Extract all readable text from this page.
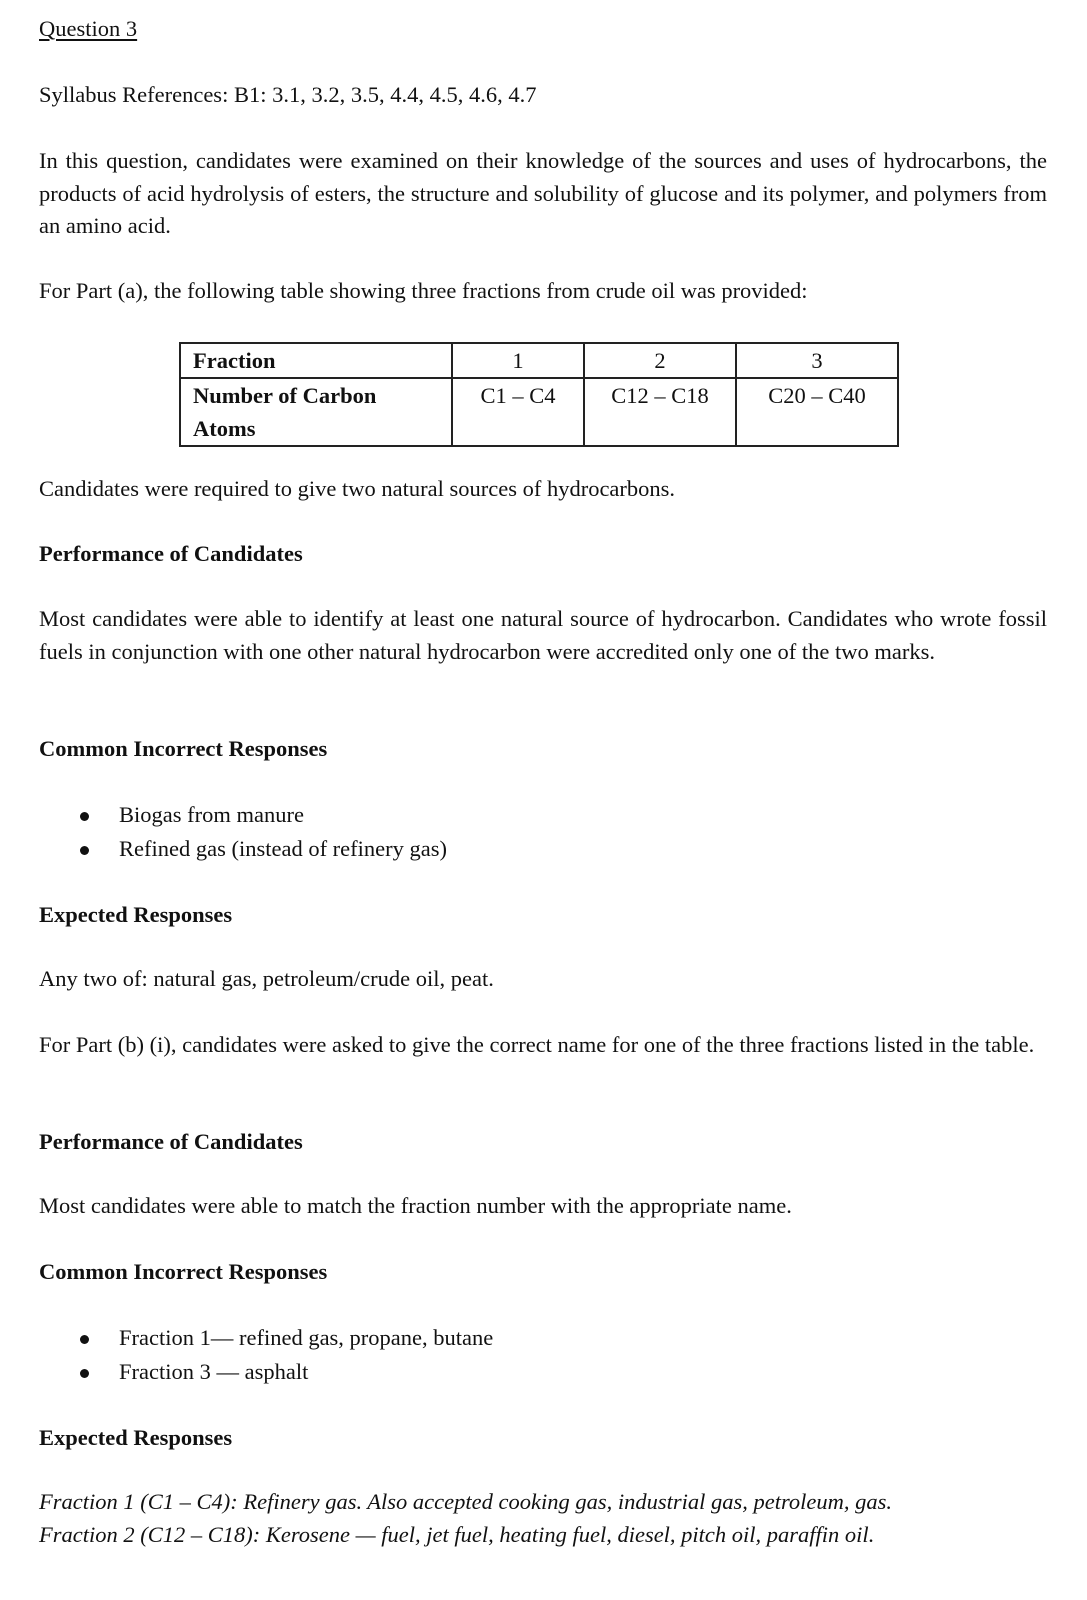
Question 3
Syllabus References: B1: 3.1, 3.2, 3.5, 4.4, 4.5, 4.6, 4.7
In this question, candidates were examined on their knowledge of the sources and uses of hydrocarbons, the products of acid hydrolysis of esters, the structure and solubility of glucose and its polymer, and polymers from an amino acid.
For Part (a), the following table showing three fractions from crude oil was provided:
Fraction	1	2	3
Number of Carbon Atoms	C1 – C4	C12 – C18	C20 – C40
Candidates were required to give two natural sources of hydrocarbons.
Performance of Candidates
Most candidates were able to identify at least one natural source of hydrocarbon. Candidates who wrote fossil fuels in conjunction with one other natural hydrocarbon were accredited only one of the two marks.
Common Incorrect Responses
Biogas from manure
Refined gas (instead of refinery gas)
Expected Responses
Any two of: natural gas, petroleum/crude oil, peat.
For Part (b) (i), candidates were asked to give the correct name for one of the three fractions listed in the table.
Performance of Candidates
Most candidates were able to match the fraction number with the appropriate name.
Common Incorrect Responses
Fraction 1— refined gas, propane, butane
Fraction 3 — asphalt
Expected Responses
Fraction 1 (C1 – C4): Refinery gas. Also accepted cooking gas, industrial gas, petroleum, gas.
Fraction 2 (C12 – C18): Kerosene — fuel, jet fuel, heating fuel, diesel, pitch oil, paraffin oil.
